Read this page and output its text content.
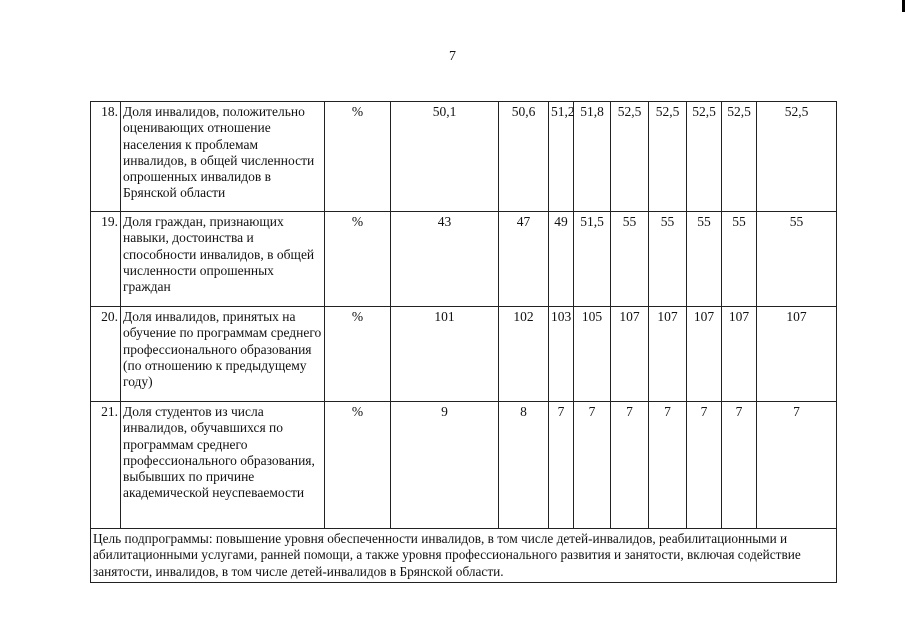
7
18.	Доля инвалидов, положительно оценивающих отношение населения к проблемам инвалидов, в общей численности опрошенных инвалидов в Брянской области	%	50,1	50,6	51,2	51,8	52,5	52,5	52,5	52,5	52,5
19.	Доля граждан, признающих навыки, достоинства и способности инвалидов, в общей численности опрошенных граждан	%	43	47	49	51,5	55	55	55	55	55
20.	Доля инвалидов, принятых на обучение по программам среднего профессионального образования (по отношению к предыдущему году)	%	101	102	103	105	107	107	107	107	107
21.	Доля студентов из числа инвалидов, обучавшихся по программам среднего профессионального образования, выбывших по причине академической неуспеваемости	%	9	8	7	7	7	7	7	7	7
Цель подпрограммы: повышение уровня обеспеченности инвалидов, в том числе детей-инвалидов, реабилитационными и абилитационными услугами, ранней помощи, а также уровня профессионального развития и занятости, включая содействие занятости, инвалидов, в том числе детей-инвалидов в Брянской области.											
